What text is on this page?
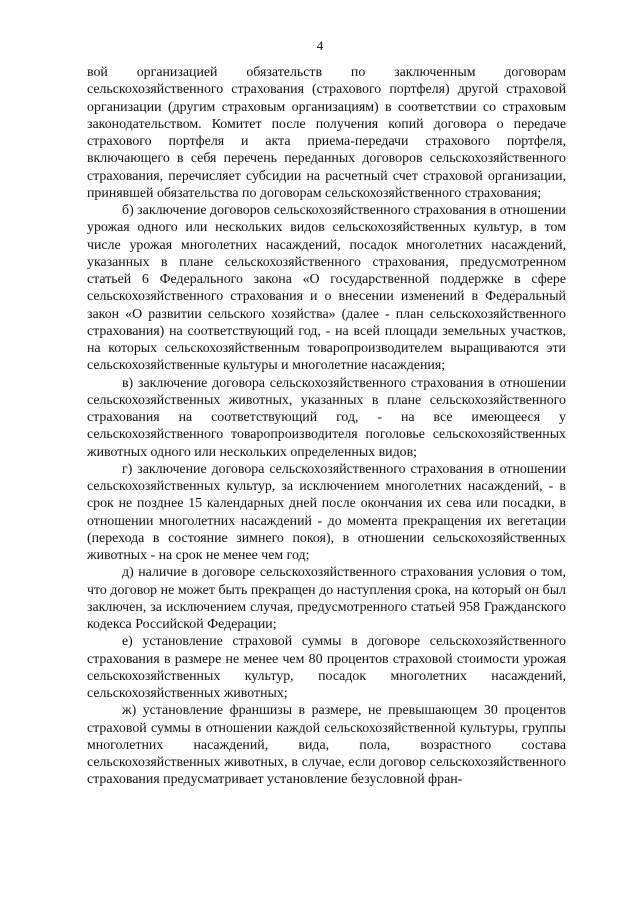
4

вой организацией обязательств по заключенным договорам сельскохозяйственного страхования (страхового портфеля) другой страховой организации (другим страховым организациям) в соответствии со страховым законодательством. Комитет после получения копий договора о передаче страхового портфеля и акта приема-передачи страхового портфеля, включающего в себя перечень переданных договоров сельскохозяйственного страхования, перечисляет субсидии на расчетный счет страховой организации, принявшей обязательства по договорам сельскохозяйственного страхования;

б) заключение договоров сельскохозяйственного страхования в отношении урожая одного или нескольких видов сельскохозяйственных культур, в том числе урожая многолетних насаждений, посадок многолетних насаждений, указанных в плане сельскохозяйственного страхования, предусмотренном статьей 6 Федерального закона «О государственной поддержке в сфере сельскохозяйственного страхования и о внесении изменений в Федеральный закон «О развитии сельского хозяйства» (далее - план сельскохозяйственного страхования) на соответствующий год, - на всей площади земельных участков, на которых сельскохозяйственным товаропроизводителем выращиваются эти сельскохозяйственные культуры и многолетние насаждения;

в) заключение договора сельскохозяйственного страхования в отношении сельскохозяйственных животных, указанных в плане сельскохозяйственного страхования на соответствующий год, - на все имеющееся у сельскохозяйственного товаропроизводителя поголовье сельскохозяйственных животных одного или нескольких определенных видов;

г) заключение договора сельскохозяйственного страхования в отношении сельскохозяйственных культур, за исключением многолетних насаждений, - в срок не позднее 15 календарных дней после окончания их сева или посадки, в отношении многолетних насаждений - до момента прекращения их вегетации (перехода в состояние зимнего покоя), в отношении сельскохозяйственных животных - на срок не менее чем год;

д) наличие в договоре сельскохозяйственного страхования условия о том, что договор не может быть прекращен до наступления срока, на который он был заключен, за исключением случая, предусмотренного статьей 958 Гражданского кодекса Российской Федерации;

е) установление страховой суммы в договоре сельскохозяйственного страхования в размере не менее чем 80 процентов страховой стоимости урожая сельскохозяйственных культур, посадок многолетних насаждений, сельскохозяйственных животных;

ж) установление франшизы в размере, не превышающем 30 процентов страховой суммы в отношении каждой сельскохозяйственной культуры, группы многолетних насаждений, вида, пола, возрастного состава сельскохозяйственных животных, в случае, если договор сельскохозяйственного страхования предусматривает установление безусловной фран-
